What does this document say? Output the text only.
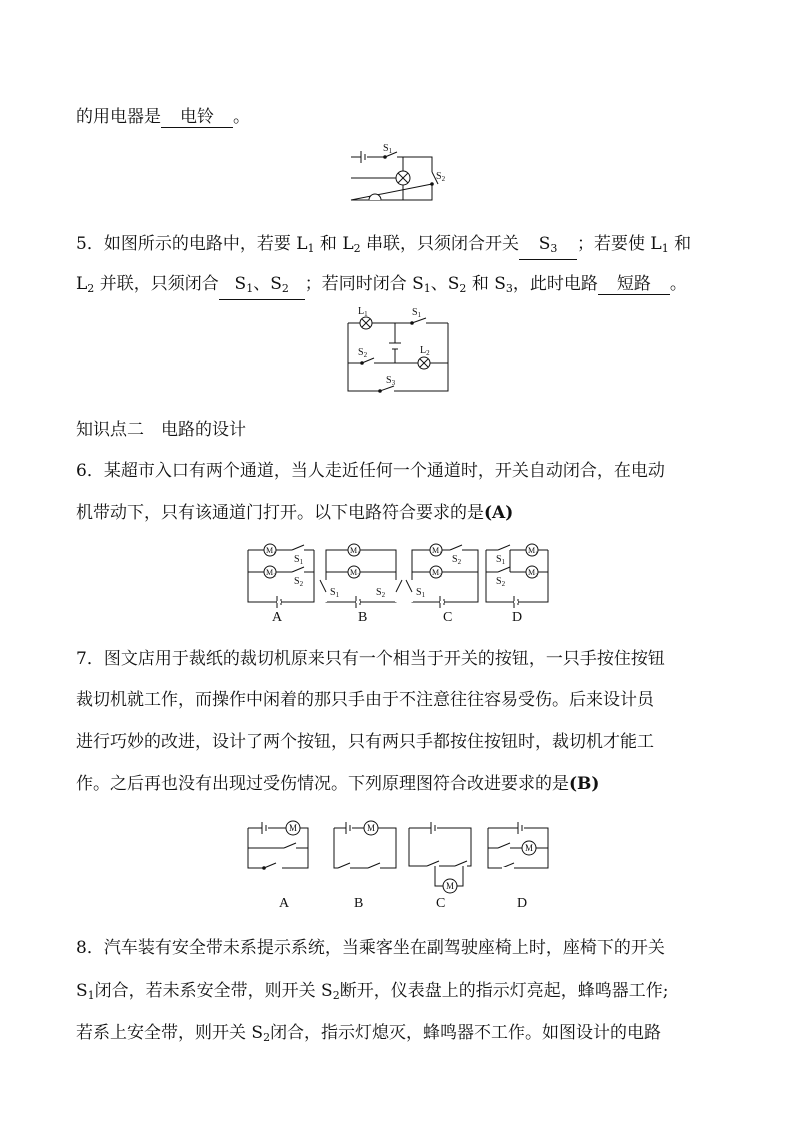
的用电器是 电铃 。
$S_1$
$S_2$
5．如图所示的电路中，若要 $L_1$ 和 $L_2$ 串联，只须闭合开关 $S_3$ ；若要使 $L_1$ 和
$L_2$ 并联，只须闭合 $S_1$、$S_2$ ；若同时闭合 $S_1$、$S_2$ 和 $S_3$，此时电路 短路 。
$L_1$	$S_1$
$S_2$	$L_2$
$S_3$
知识点二　电路的设计
6．某超市入口有两个通道，当人走近任何一个通道时，开关自动闭合，在电动
机带动下，只有该通道门打开。以下电路符合要求的是(A)
M₁
M₂
$S_1$
$S_2$
M₁
M₂
$S_1$	$S_2$
M₁
M₂
$S_2$
$S_1$
M₁
M₂
$S_1$
$S_2$
A	B	C	D
7．图文店用于裁纸的裁切机原来只有一个相当于开关的按钮，一只手按住按钮
裁切机就工作，而操作中闲着的那只手由于不注意往往容易受伤。后来设计员
进行巧妙的改进，设计了两个按钮，只有两只手都按住按钮时，裁切机才能工
作。之后再也没有出现过受伤情况。下列原理图符合改进要求的是(B)
M	M
M
M
A	B	C	D
8．汽车装有安全带未系提示系统，当乘客坐在副驾驶座椅上时，座椅下的开关
$S_1$闭合，若未系安全带，则开关 $S_2$断开，仪表盘上的指示灯亮起，蜂鸣器工作;
若系上安全带，则开关 $S_2$闭合，指示灯熄灭，蜂鸣器不工作。如图设计的电路
